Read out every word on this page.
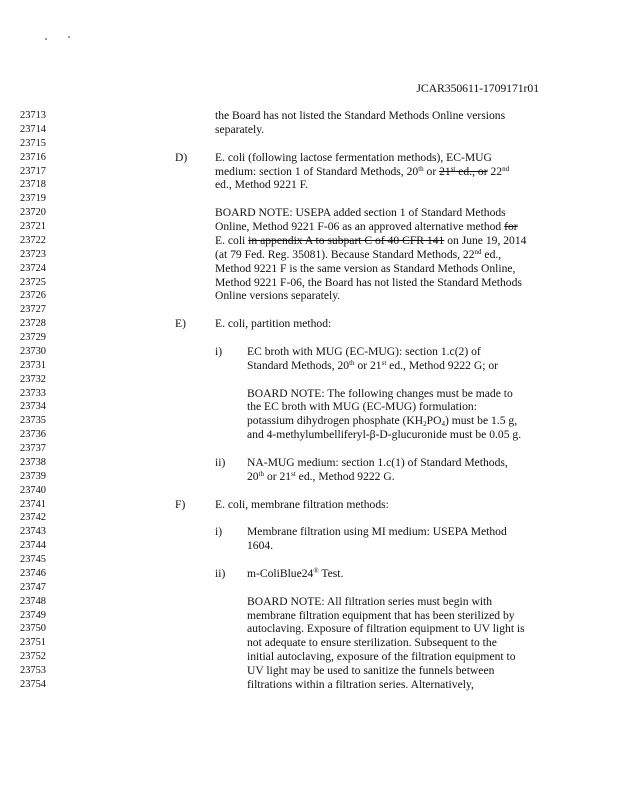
JCAR350611-1709171r01
23713	the Board has not listed the Standard Methods Online versions
23714	separately.
23715
23716	D) E. coli (following lactose fermentation methods), EC-MUG
23717	medium: section 1 of Standard Methods, 20th or 21st ed., or 22nd
23718	ed., Method 9221 F.
23719
23720	BOARD NOTE: USEPA added section 1 of Standard Methods
23721	Online, Method 9221 F-06 as an approved alternative method for
23722	E. coli in appendix A to subpart C of 40 CFR 141 on June 19, 2014
23723	(at 79 Fed. Reg. 35081). Because Standard Methods, 22nd ed.,
23724	Method 9221 F is the same version as Standard Methods Online,
23725	Method 9221 F-06, the Board has not listed the Standard Methods
23726	Online versions separately.
23727
23728	E)	E. coli, partition method:
23729
23730	i) EC broth with MUG (EC-MUG): section 1.c(2) of
23731	Standard Methods, 20th or 21st ed., Method 9222 G; or
23732
23733	BOARD NOTE: The following changes must be made to
23734	the EC broth with MUG (EC-MUG) formulation:
23735	potassium dihydrogen phosphate $(KH_2PO_4)$ must be 1.5 g,
23736	and 4-methylumbelliferyl-β-D-glucuronide must be 0.05 g.
23737
23738	ii) NA-MUG medium: section 1.c(1) of Standard Methods,
23739	20th or 21st ed., Method 9222 G.
23740
23741	F)	E. coli, membrane filtration methods:
23742
23743	i) Membrane filtration using MI medium: USEPA Method
23744	1604.
23745
23746	ii) m-ColiBlue24® Test.
23747
23748	BOARD NOTE: All filtration series must begin with
23749	membrane filtration equipment that has been sterilized by
23750	autoclaving. Exposure of filtration equipment to UV light is
23751	not adequate to ensure sterilization. Subsequent to the
23752	initial autoclaving, exposure of the filtration equipment to
23753	UV light may be used to sanitize the funnels between
23754	filtrations within a filtration series. Alternatively,
